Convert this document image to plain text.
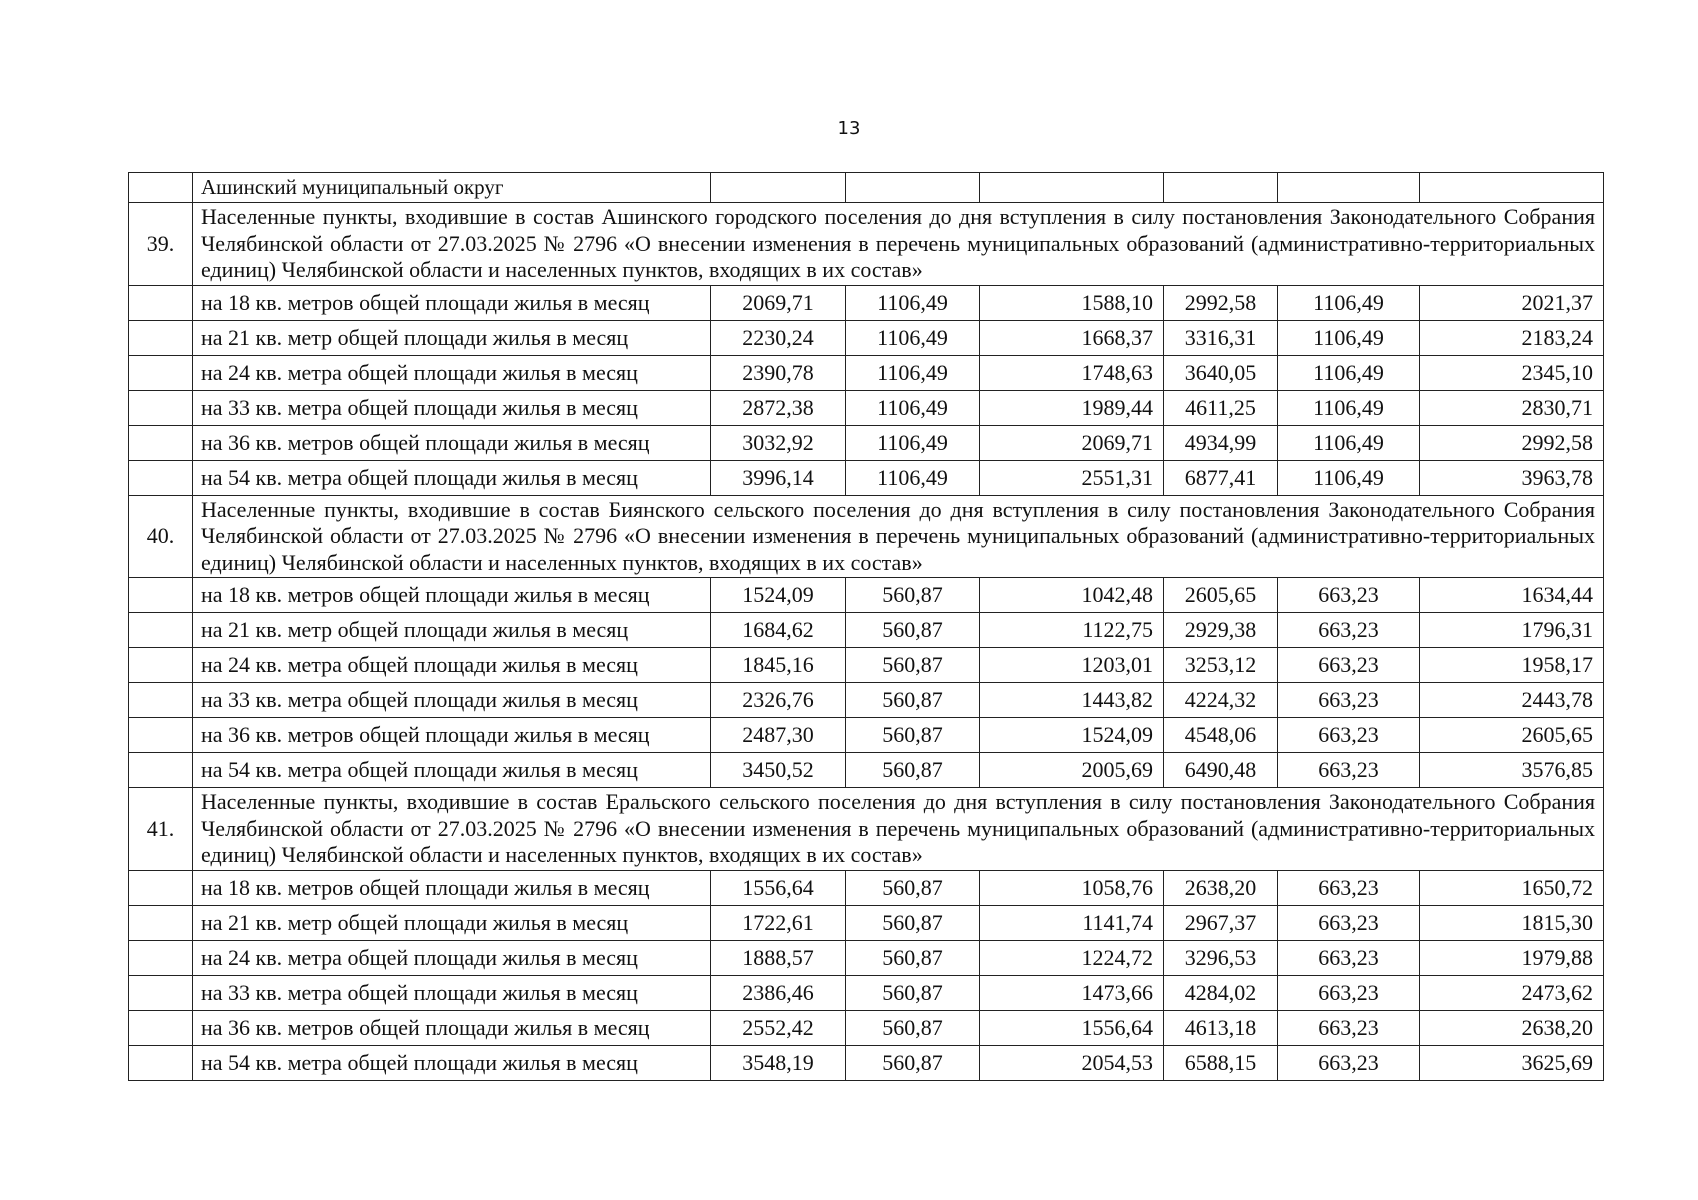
13
	Ашинский муниципальный округ						
39.	Населенные пункты, входившие в состав Ашинского городского поселения до дня вступления в силу постановления Законодательного Собрания Челябинской области от 27.03.2025 № 2796 «О внесении изменения в перечень муниципальных образований (административно-территориальных единиц) Челябинской области и населенных пунктов, входящих в их состав»						
	на 18 кв. метров общей площади жилья в месяц	2069,71	1106,49	1588,10	2992,58	1106,49	2021,37
	на 21 кв. метр общей площади жилья в месяц	2230,24	1106,49	1668,37	3316,31	1106,49	2183,24
	на 24 кв. метра общей площади жилья в месяц	2390,78	1106,49	1748,63	3640,05	1106,49	2345,10
	на 33 кв. метра общей площади жилья в месяц	2872,38	1106,49	1989,44	4611,25	1106,49	2830,71
	на 36 кв. метров общей площади жилья в месяц	3032,92	1106,49	2069,71	4934,99	1106,49	2992,58
	на 54 кв. метра общей площади жилья в месяц	3996,14	1106,49	2551,31	6877,41	1106,49	3963,78
40.	Населенные пункты, входившие в состав Биянского сельского поселения до дня вступления в силу постановления Законодательного Собрания Челябинской области от 27.03.2025 № 2796 «О внесении изменения в перечень муниципальных образований (административно-территориальных единиц) Челябинской области и населенных пунктов, входящих в их состав»						
	на 18 кв. метров общей площади жилья в месяц	1524,09	560,87	1042,48	2605,65	663,23	1634,44
	на 21 кв. метр общей площади жилья в месяц	1684,62	560,87	1122,75	2929,38	663,23	1796,31
	на 24 кв. метра общей площади жилья в месяц	1845,16	560,87	1203,01	3253,12	663,23	1958,17
	на 33 кв. метра общей площади жилья в месяц	2326,76	560,87	1443,82	4224,32	663,23	2443,78
	на 36 кв. метров общей площади жилья в месяц	2487,30	560,87	1524,09	4548,06	663,23	2605,65
	на 54 кв. метра общей площади жилья в месяц	3450,52	560,87	2005,69	6490,48	663,23	3576,85
41.	Населенные пункты, входившие в состав Еральского сельского поселения до дня вступления в силу постановления Законодательного Собрания Челябинской области от 27.03.2025 № 2796 «О внесении изменения в перечень муниципальных образований (административно-территориальных единиц) Челябинской области и населенных пунктов, входящих в их состав»						
	на 18 кв. метров общей площади жилья в месяц	1556,64	560,87	1058,76	2638,20	663,23	1650,72
	на 21 кв. метр общей площади жилья в месяц	1722,61	560,87	1141,74	2967,37	663,23	1815,30
	на 24 кв. метра общей площади жилья в месяц	1888,57	560,87	1224,72	3296,53	663,23	1979,88
	на 33 кв. метра общей площади жилья в месяц	2386,46	560,87	1473,66	4284,02	663,23	2473,62
	на 36 кв. метров общей площади жилья в месяц	2552,42	560,87	1556,64	4613,18	663,23	2638,20
	на 54 кв. метра общей площади жилья в месяц	3548,19	560,87	2054,53	6588,15	663,23	3625,69
